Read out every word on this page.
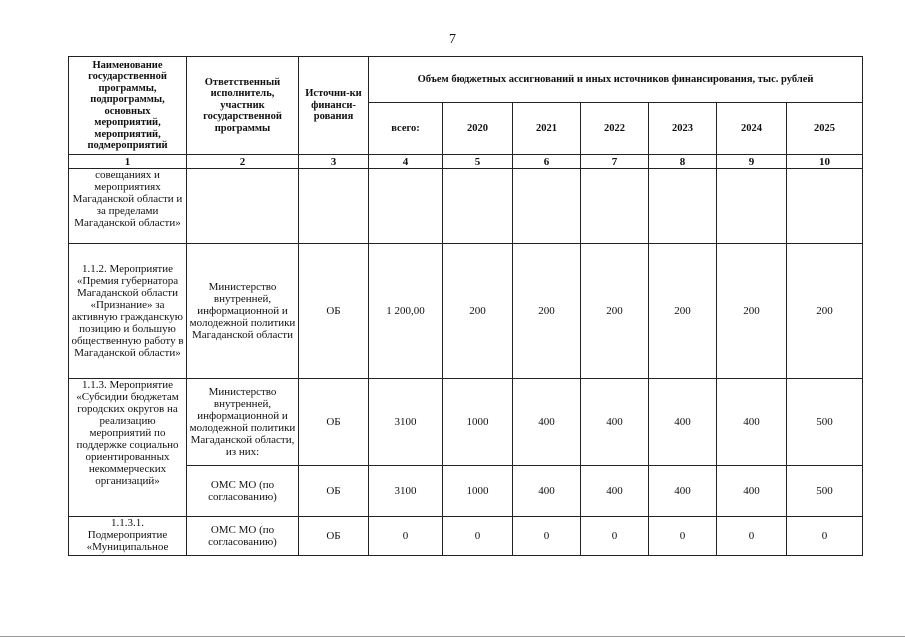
7
Наименование государственной программы, подпрограммы, основных мероприятий, мероприятий, подмероприятий	Ответственный исполнитель, участник государственной программы	Источни-ки финанси-рования	Объем бюджетных ассигнований и иных источников финансирования, тыс. рублей						
			всего:	2020	2021	2022	2023	2024	2025
1	2	3	4	5	6	7	8	9	10
совещаниях и мероприятиях Магаданской области и за пределами Магаданской области»									
1.1.2. Мероприятие «Премия губернатора Магаданской области «Признание» за активную гражданскую позицию и большую общественную работу в Магаданской области»	Министерство внутренней, информационной и молодежной политики Магаданской области	ОБ	1 200,00	200	200	200	200	200	200
1.1.3. Мероприятие «Субсидии бюджетам городских округов на реализацию мероприятий по поддержке социально ориентированных некоммерческих организаций»	Министерство внутренней, информационной и молодежной политики Магаданской области, из них:	ОБ	3100	1000	400	400	400	400	500
	ОМС МО (по согласованию)	ОБ	3100	1000	400	400	400	400	500
1.1.3.1. Подмероприятие «Муниципальное	ОМС МО (по согласованию)	ОБ	0	0	0	0	0	0	0
